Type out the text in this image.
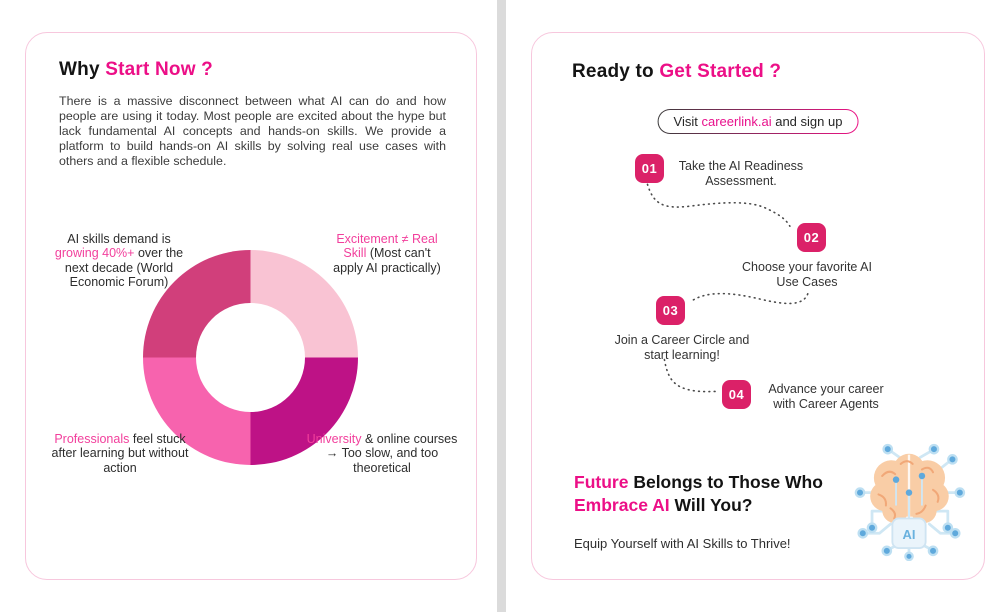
Why Start Now ?

There is a massive disconnect between what AI can do and how people are using it today. Most people are excited about the hype but lack fundamental AI concepts and hands-on skills. We provide a platform to build hands-on AI skills by solving real use cases with others and a flexible schedule.

AI skills demand is growing 40%+ over the next decade (World Economic Forum)
Excitement ≠ Real Skill (Most can't apply AI practically)
Professionals feel stuck after learning but without action
University & online courses → Too slow, and too theoretical
Ready to Get Started ?
Visit careerlink.ai and sign up
01	Take the AI Readiness Assessment.
02
Choose your favorite AI Use Cases
03
Join a Career Circle and start learning!
04	Advance your career with Career Agents
Future Belongs to Those Who Embrace AI Will You?
Equip Yourself with AI Skills to Thrive!
AI
